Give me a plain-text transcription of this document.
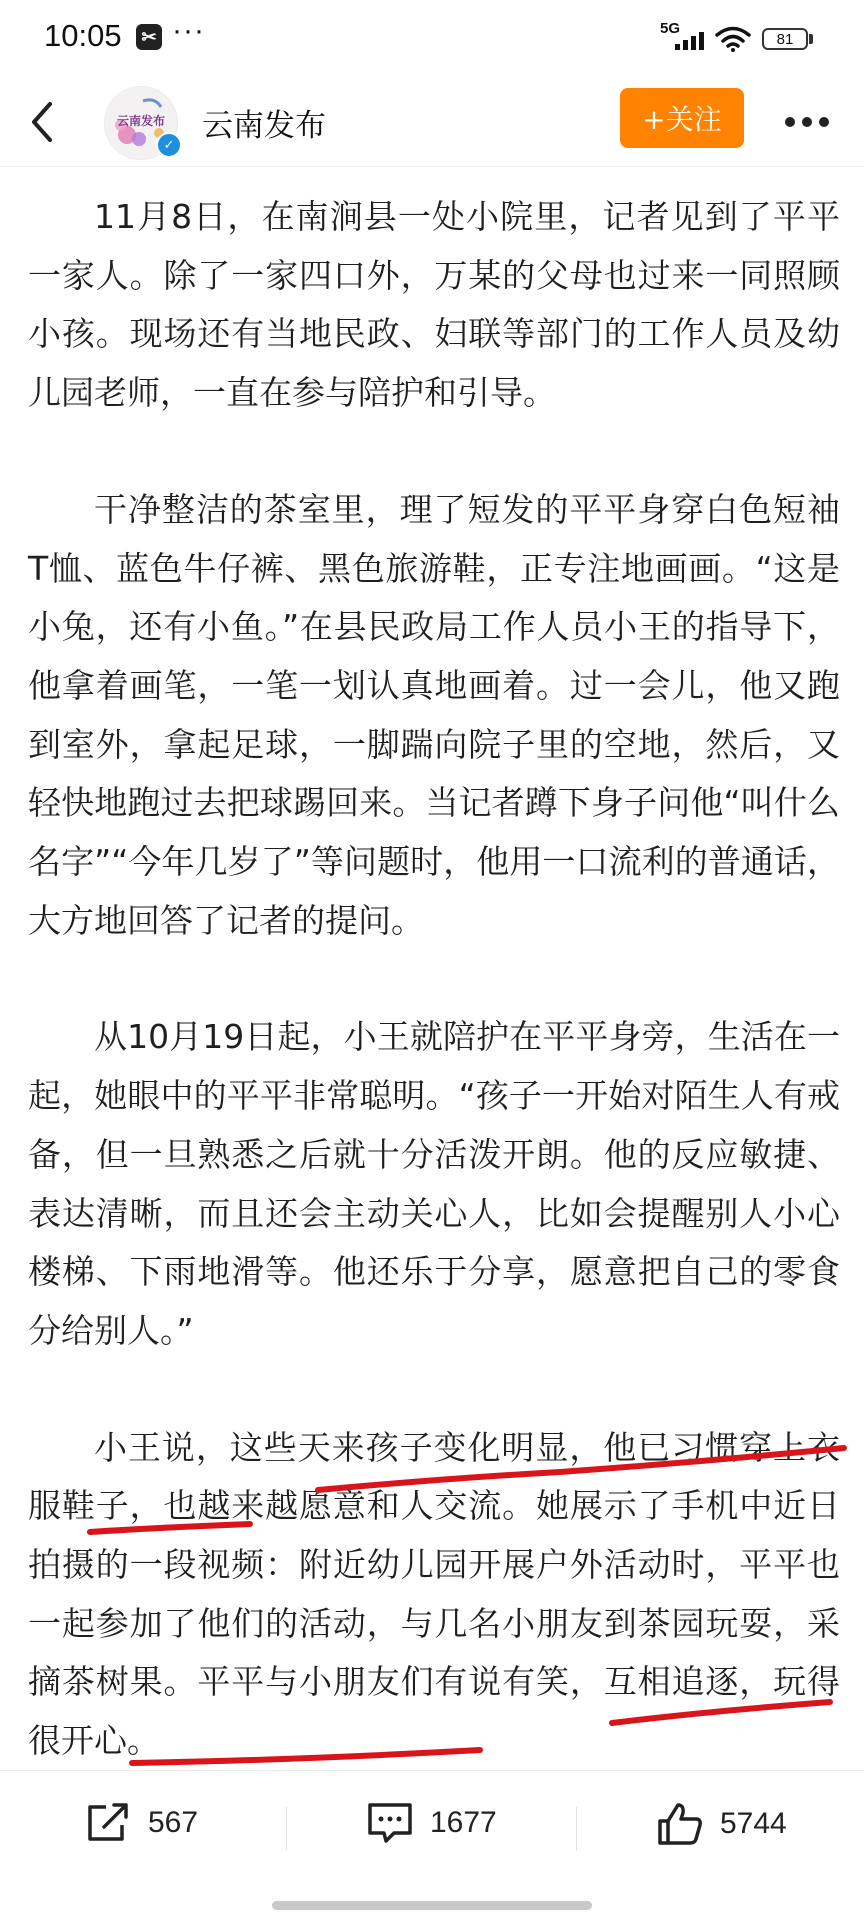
10:05	✂ ···	5G
81
云南发布
✓
云南发布	+关注

11月8日，在南涧县一处小院里，记者见到了平平一家人。除了一家四口外，万某的父母也过来一同照顾小孩。现场还有当地民政、妇联等部门的工作人员及幼儿园老师，一直在参与陪护和引导。

干净整洁的茶室里，理了短发的平平身穿白色短袖T恤、蓝色牛仔裤、黑色旅游鞋，正专注地画画。“这是小兔，还有小鱼。”在县民政局工作人员小王的指导下，他拿着画笔，一笔一划认真地画着。过一会儿，他又跑到室外，拿起足球，一脚踹向院子里的空地，然后，又轻快地跑过去把球踢回来。当记者蹲下身子问他“叫什么名字”“今年几岁了”等问题时，他用一口流利的普通话，大方地回答了记者的提问。

从10月19日起，小王就陪护在平平身旁，生活在一起，她眼中的平平非常聪明。“孩子一开始对陌生人有戒备，但一旦熟悉之后就十分活泼开朗。他的反应敏捷、表达清晰，而且还会主动关心人，比如会提醒别人小心楼梯、下雨地滑等。他还乐于分享，愿意把自己的零食分给别人。”

小王说，这些天来孩子变化明显，他已习惯穿上衣服鞋子，也越来越愿意和人交流。她展示了手机中近日拍摄的一段视频：附近幼儿园开展户外活动时，平平也一起参加了他们的活动，与几名小朋友到茶园玩耍，采摘茶树果。平平与小朋友们有说有笑，互相追逐，玩得很开心。

567	1677	5744
